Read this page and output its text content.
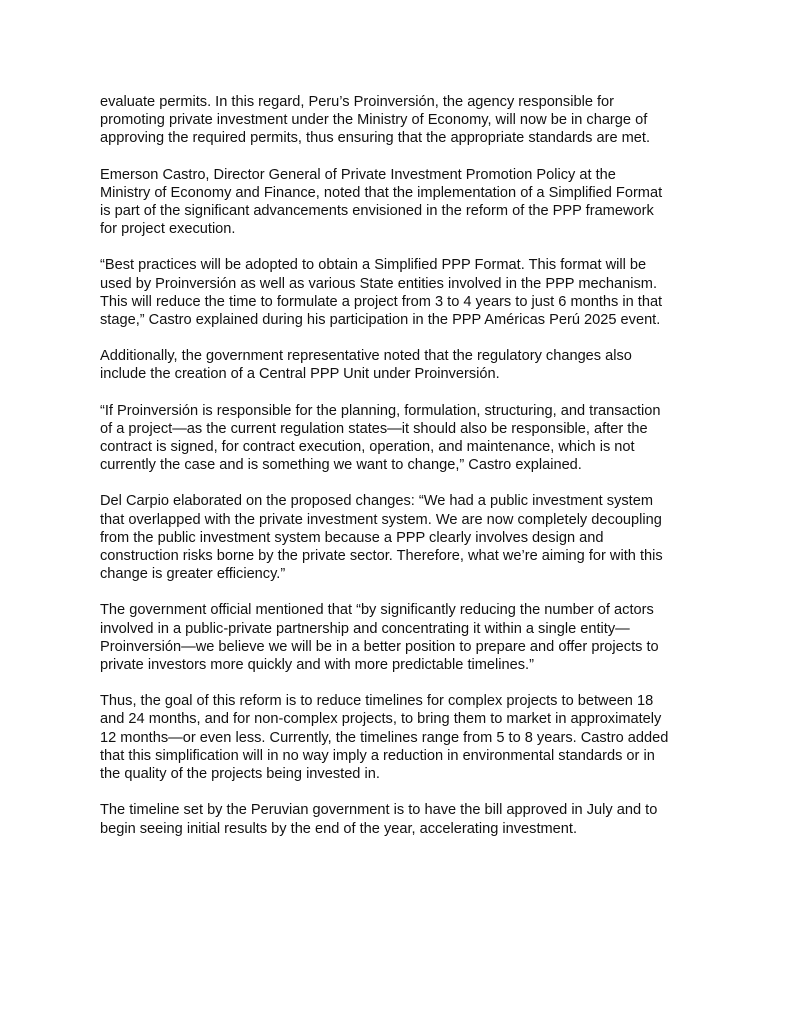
evaluate permits. In this regard, Peru’s Proinversión, the agency responsible for
promoting private investment under the Ministry of Economy, will now be in charge of
approving the required permits, thus ensuring that the appropriate standards are met.

Emerson Castro, Director General of Private Investment Promotion Policy at the
Ministry of Economy and Finance, noted that the implementation of a Simplified Format
is part of the significant advancements envisioned in the reform of the PPP framework
for project execution.

“Best practices will be adopted to obtain a Simplified PPP Format. This format will be
used by Proinversión as well as various State entities involved in the PPP mechanism.
This will reduce the time to formulate a project from 3 to 4 years to just 6 months in that
stage,” Castro explained during his participation in the PPP Américas Perú 2025 event.

Additionally, the government representative noted that the regulatory changes also
include the creation of a Central PPP Unit under Proinversión.

“If Proinversión is responsible for the planning, formulation, structuring, and transaction
of a project—as the current regulation states—it should also be responsible, after the
contract is signed, for contract execution, operation, and maintenance, which is not
currently the case and is something we want to change,” Castro explained.

Del Carpio elaborated on the proposed changes: “We had a public investment system
that overlapped with the private investment system. We are now completely decoupling
from the public investment system because a PPP clearly involves design and
construction risks borne by the private sector. Therefore, what we’re aiming for with this
change is greater efficiency.”

The government official mentioned that “by significantly reducing the number of actors
involved in a public-private partnership and concentrating it within a single entity—
Proinversión—we believe we will be in a better position to prepare and offer projects to
private investors more quickly and with more predictable timelines.”

Thus, the goal of this reform is to reduce timelines for complex projects to between 18
and 24 months, and for non-complex projects, to bring them to market in approximately
12 months—or even less. Currently, the timelines range from 5 to 8 years. Castro added
that this simplification will in no way imply a reduction in environmental standards or in
the quality of the projects being invested in.

The timeline set by the Peruvian government is to have the bill approved in July and to
begin seeing initial results by the end of the year, accelerating investment.
